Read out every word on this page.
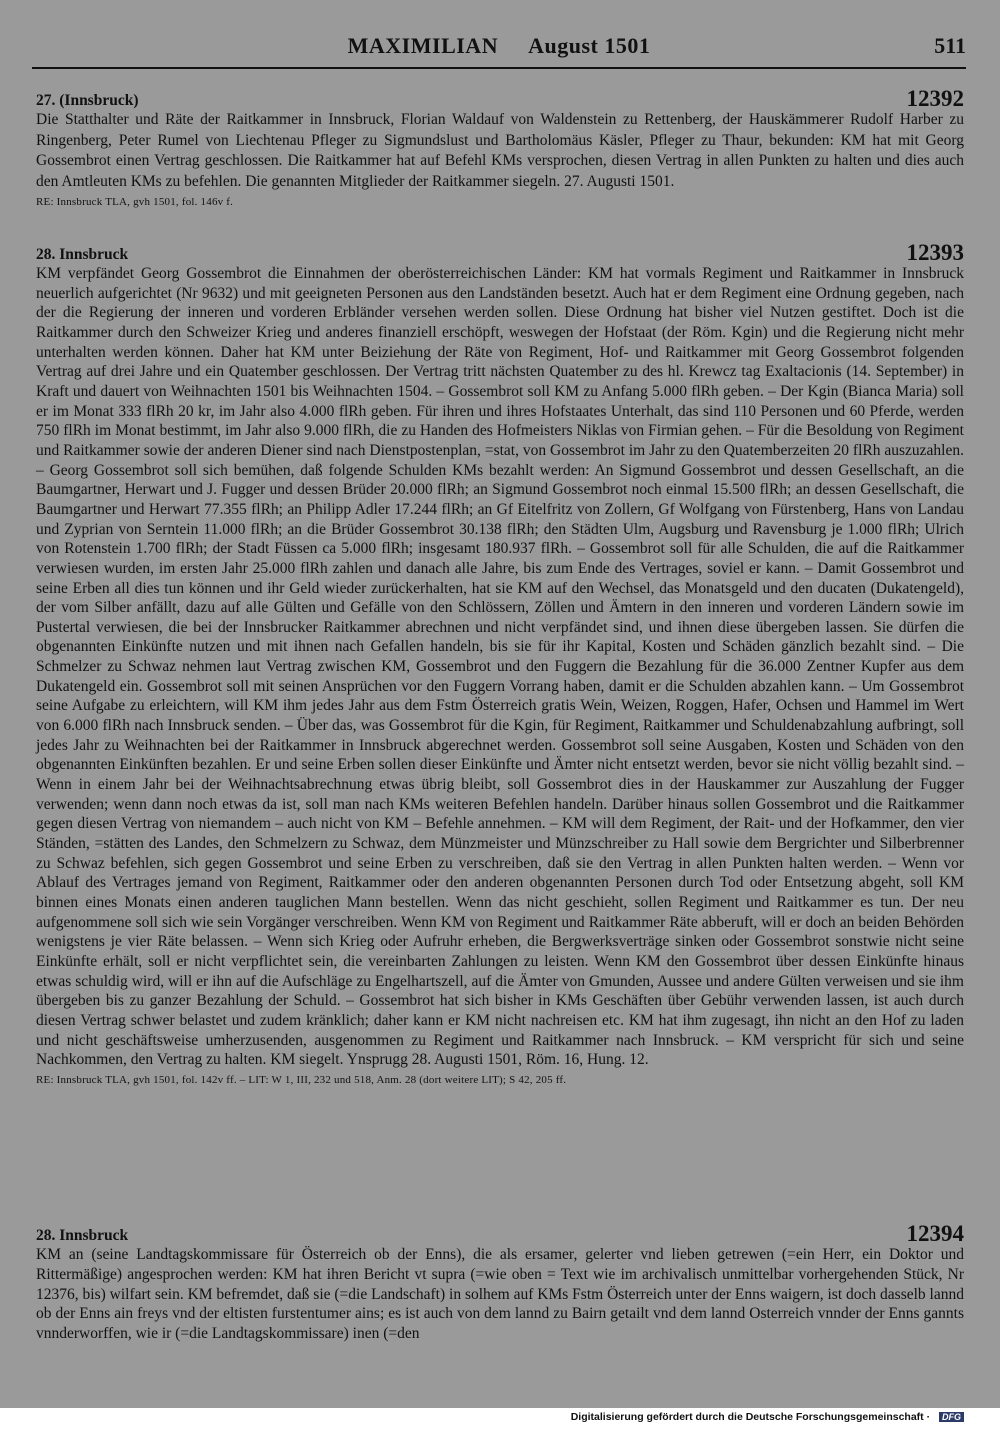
MAXIMILIAN August 1501	511
27. (Innsbruck)	12392

Die Statthalter und Räte der Raitkammer in Innsbruck, Florian Waldauf von Waldenstein zu Rettenberg, der Hauskämmerer Rudolf Harber zu Ringenberg, Peter Rumel von Liechtenau Pfleger zu Sigmundslust und Bartholomäus Käsler, Pfleger zu Thaur, bekunden: KM hat mit Georg Gossembrot einen Vertrag geschlossen. Die Raitkammer hat auf Befehl KMs versprochen, diesen Vertrag in allen Punkten zu halten und dies auch den Amtleuten KMs zu befehlen. Die genannten Mitglieder der Raitkammer siegeln. 27. Augusti 1501.

RE: Innsbruck TLA, gvh 1501, fol. 146v f.
28. Innsbruck	12393

KM verpfändet Georg Gossembrot die Einnahmen der oberösterreichischen Länder: KM hat vormals Regiment und Raitkammer in Innsbruck neuerlich aufgerichtet (Nr 9632) und mit geeigneten Personen aus den Landständen besetzt. Auch hat er dem Regiment eine Ordnung gegeben, nach der die Regierung der inneren und vorderen Erbländer versehen werden sollen. Diese Ordnung hat bisher viel Nutzen gestiftet. Doch ist die Raitkammer durch den Schweizer Krieg und anderes finanziell erschöpft, weswegen der Hofstaat (der Röm. Kgin) und die Regierung nicht mehr unterhalten werden können. Daher hat KM unter Beiziehung der Räte von Regiment, Hof- und Raitkammer mit Georg Gossembrot folgenden Vertrag auf drei Jahre und ein Quatember geschlossen. Der Vertrag tritt nächsten Quatember zu des hl. Krewcz tag Exaltacionis (14. September) in Kraft und dauert von Weihnachten 1501 bis Weihnachten 1504. – Gossembrot soll KM zu Anfang 5.000 flRh geben. – Der Kgin (Bianca Maria) soll er im Monat 333 flRh 20 kr, im Jahr also 4.000 flRh geben. Für ihren und ihres Hofstaates Unterhalt, das sind 110 Personen und 60 Pferde, werden 750 flRh im Monat bestimmt, im Jahr also 9.000 flRh, die zu Handen des Hofmeisters Niklas von Firmian gehen. – Für die Besoldung von Regiment und Raitkammer sowie der anderen Diener sind nach Dienstpostenplan, =stat, von Gossembrot im Jahr zu den Quatemberzeiten 20 flRh auszuzahlen. – Georg Gossembrot soll sich bemühen, daß folgende Schulden KMs bezahlt werden: An Sigmund Gossembrot und dessen Gesellschaft, an die Baumgartner, Herwart und J. Fugger und dessen Brüder 20.000 flRh; an Sigmund Gossembrot noch einmal 15.500 flRh; an dessen Gesellschaft, die Baumgartner und Herwart 77.355 flRh; an Philipp Adler 17.244 flRh; an Gf Eitelfritz von Zollern, Gf Wolfgang von Fürstenberg, Hans von Landau und Zyprian von Serntein 11.000 flRh; an die Brüder Gossembrot 30.138 flRh; den Städten Ulm, Augsburg und Ravensburg je 1.000 flRh; Ulrich von Rotenstein 1.700 flRh; der Stadt Füssen ca 5.000 flRh; insgesamt 180.937 flRh. – Gossembrot soll für alle Schulden, die auf die Raitkammer verwiesen wurden, im ersten Jahr 25.000 flRh zahlen und danach alle Jahre, bis zum Ende des Vertrages, soviel er kann. – Damit Gossembrot und seine Erben all dies tun können und ihr Geld wieder zurückerhalten, hat sie KM auf den Wechsel, das Monatsgeld und den ducaten (Dukatengeld), der vom Silber anfällt, dazu auf alle Gülten und Gefälle von den Schlössern, Zöllen und Ämtern in den inneren und vorderen Ländern sowie im Pustertal verwiesen, die bei der Innsbrucker Raitkammer abrechnen und nicht verpfändet sind, und ihnen diese übergeben lassen. Sie dürfen die obgenannten Einkünfte nutzen und mit ihnen nach Gefallen handeln, bis sie für ihr Kapital, Kosten und Schäden gänzlich bezahlt sind. – Die Schmelzer zu Schwaz nehmen laut Vertrag zwischen KM, Gossembrot und den Fuggern die Bezahlung für die 36.000 Zentner Kupfer aus dem Dukatengeld ein. Gossembrot soll mit seinen Ansprüchen vor den Fuggern Vorrang haben, damit er die Schulden abzahlen kann. – Um Gossembrot seine Aufgabe zu erleichtern, will KM ihm jedes Jahr aus dem Fstm Österreich gratis Wein, Weizen, Roggen, Hafer, Ochsen und Hammel im Wert von 6.000 flRh nach Innsbruck senden. – Über das, was Gossembrot für die Kgin, für Regiment, Raitkammer und Schuldenabzahlung aufbringt, soll jedes Jahr zu Weihnachten bei der Raitkammer in Innsbruck abgerechnet werden. Gossembrot soll seine Ausgaben, Kosten und Schäden von den obgenannten Einkünften bezahlen. Er und seine Erben sollen dieser Einkünfte und Ämter nicht entsetzt werden, bevor sie nicht völlig bezahlt sind. – Wenn in einem Jahr bei der Weihnachtsabrechnung etwas übrig bleibt, soll Gossembrot dies in der Hauskammer zur Auszahlung der Fugger verwenden; wenn dann noch etwas da ist, soll man nach KMs weiteren Befehlen handeln. Darüber hinaus sollen Gossembrot und die Raitkammer gegen diesen Vertrag von niemandem – auch nicht von KM – Befehle annehmen. – KM will dem Regiment, der Rait- und der Hofkammer, den vier Ständen, =stätten des Landes, den Schmelzern zu Schwaz, dem Münzmeister und Münzschreiber zu Hall sowie dem Bergrichter und Silberbrenner zu Schwaz befehlen, sich gegen Gossembrot und seine Erben zu verschreiben, daß sie den Vertrag in allen Punkten halten werden. – Wenn vor Ablauf des Vertrages jemand von Regiment, Raitkammer oder den anderen obgenannten Personen durch Tod oder Entsetzung abgeht, soll KM binnen eines Monats einen anderen tauglichen Mann bestellen. Wenn das nicht geschieht, sollen Regiment und Raitkammer es tun. Der neu aufgenommene soll sich wie sein Vorgänger verschreiben. Wenn KM von Regiment und Raitkammer Räte abberuft, will er doch an beiden Behörden wenigstens je vier Räte belassen. – Wenn sich Krieg oder Aufruhr erheben, die Bergwerksverträge sinken oder Gossembrot sonstwie nicht seine Einkünfte erhält, soll er nicht verpflichtet sein, die vereinbarten Zahlungen zu leisten. Wenn KM den Gossembrot über dessen Einkünfte hinaus etwas schuldig wird, will er ihn auf die Aufschläge zu Engelhartszell, auf die Ämter von Gmunden, Aussee und andere Gülten verweisen und sie ihm übergeben bis zu ganzer Bezahlung der Schuld. – Gossembrot hat sich bisher in KMs Geschäften über Gebühr verwenden lassen, ist auch durch diesen Vertrag schwer belastet und zudem kränklich; daher kann er KM nicht nachreisen etc. KM hat ihm zugesagt, ihn nicht an den Hof zu laden und nicht geschäftsweise umherzusenden, ausgenommen zu Regiment und Raitkammer nach Innsbruck. – KM verspricht für sich und seine Nachkommen, den Vertrag zu halten. KM siegelt. Ynsprugg 28. Augusti 1501, Röm. 16, Hung. 12.

RE: Innsbruck TLA, gvh 1501, fol. 142v ff. – LIT: W 1, III, 232 und 518, Anm. 28 (dort weitere LIT); S 42, 205 ff.
28. Innsbruck	12394

KM an (seine Landtagskommissare für Österreich ob der Enns), die als ersamer, gelerter vnd lieben getrewen (=ein Herr, ein Doktor und Rittermäßige) angesprochen werden: KM hat ihren Bericht vt supra (=wie oben = Text wie im archivalisch unmittelbar vorhergehenden Stück, Nr 12376, bis) wilfart sein. KM befremdet, daß sie (=die Landschaft) in solhem auf KMs Fstm Österreich unter der Enns waigern, ist doch dasselb lannd ob der Enns ain freys vnd der eltisten furstentumer ains; es ist auch von dem lannd zu Bairn getailt vnd dem lannd Osterreich vnnder der Enns gannts vnnderworffen, wie ir (=die Landtagskommissare) inen (=den

Digitalisierung gefördert durch die Deutsche Forschungsgemeinschaft · DFG
